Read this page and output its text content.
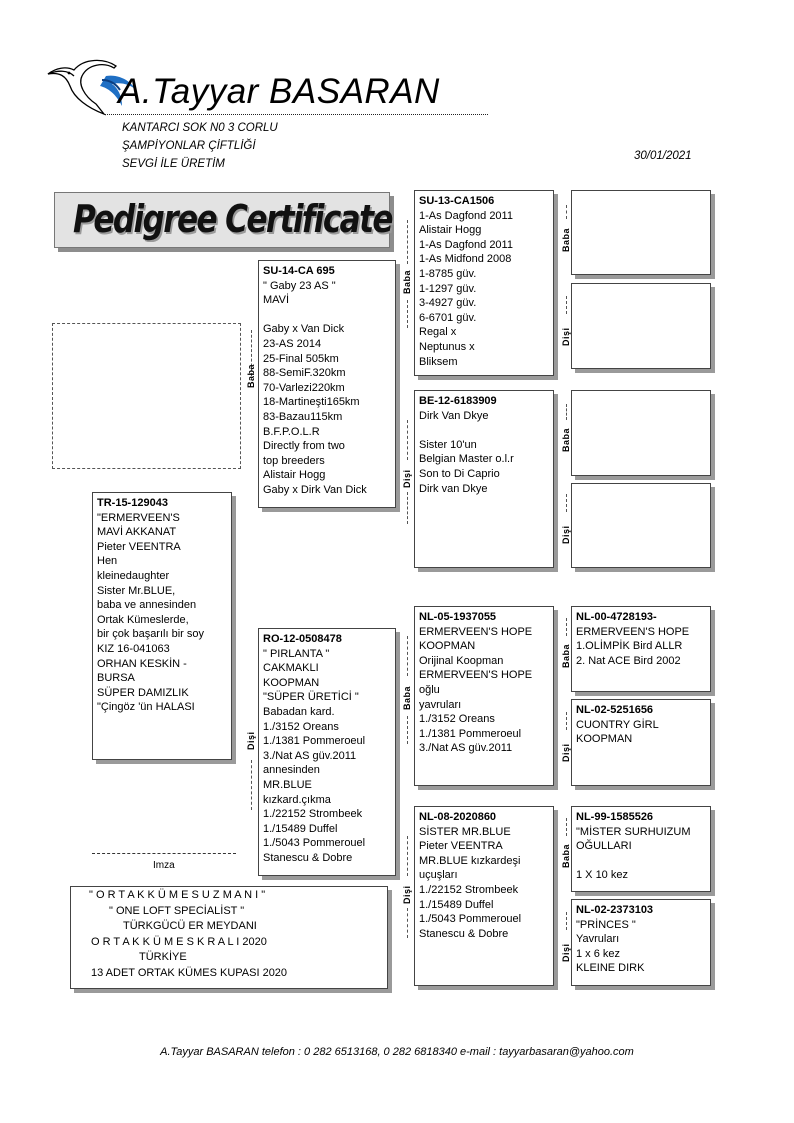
A.Tayyar BASARAN
KANTARCI SOK N0 3 CORLU
ŞAMPİYONLAR ÇİFTLİĞİ
SEVGİ İLE ÜRETİM
30/01/2021
Pedigree Certificate
TR-15-129043
"ERMERVEEN'S
MAVİ AKKANAT
Pieter VEENTRA
Hen
kleinedaughter
Sister Mr.BLUE,
baba ve annesinden
Ortak Kümeslerde,
bir çok başarılı bir soy
KIZ 16-041063
ORHAN KESKİN -
BURSA
SÜPER DAMIZLIK
"Çingöz 'ün HALASI
SU-14-CA 695
" Gaby 23 AS "
MAVİ

Gaby x Van Dick
23-AS 2014
25-Final 505km
88-SemiF.320km
70-Varlezi220km
18-Martineşti165km
83-Bazau115km
B.F.P.O.L.R
Directly from two
top breeders
Alistair Hogg
Gaby x Dirk Van Dick
RO-12-0508478
" PIRLANTA "
CAKMAKLI
KOOPMAN
"SÜPER ÜRETİCİ "
Babadan kard.
1./3152 Oreans
1./1381 Pommeroeul
3./Nat AS güv.2011
annesinden
MR.BLUE
kızkard.çıkma
1./22152 Strombeek
1./15489 Duffel
1./5043 Pommerouel
Stanescu & Dobre
SU-13-CA1506
1-As Dagfond 2011
Alistair Hogg
1-As Dagfond 2011
1-As Midfond 2008
1-8785 güv.
1-1297 güv.
3-4927 güv.
6-6701 güv.
Regal x
Neptunus x
Bliksem
BE-12-6183909
Dirk Van Dkye

Sister 10'un
Belgian Master o.l.r
Son to Di Caprio
Dirk van Dkye
NL-05-1937055
ERMERVEEN'S HOPE
KOOPMAN
Orijinal Koopman
ERMERVEEN'S HOPE
oğlu
yavruları
1./3152 Oreans
1./1381 Pommeroeul
3./Nat AS güv.2011
NL-08-2020860
SİSTER MR.BLUE
Pieter VEENTRA
MR.BLUE kızkardeşi
uçuşları
1./22152 Strombeek
1./15489 Duffel
1./5043 Pommerouel
Stanescu & Dobre

NL-00-4728193-
ERMERVEEN'S HOPE
1.OLİMPİK Bird ALLR
2. Nat ACE Bird 2002
NL-02-5251656
CUONTRY GİRL
KOOPMAN
NL-99-1585526
"MİSTER SURHUIZUM
OĞULLARI

1 X 10 kez
NL-02-2373103
"PRİNCES "
Yavruları
1 x 6 kez
KLEINE DIRK
Baba
Dişi
Baba
Dişi
Baba
Dişi
Baba
Dişi
Baba
Dişi
Baba
Dişi
Baba
Dişi
Imza
" O R T A K K Ü M E S U Z M A N I "
" ONE LOFT SPECİALİST "
TÜRKGÜCÜ ER MEYDANI
O R T A K K Ü M E S K R A L I 2020
TÜRKİYE
13 ADET ORTAK KÜMES KUPASI 2020
A.Tayyar BASARAN telefon : 0 282 6513168, 0 282 6818340 e-mail : tayyarbasaran@yahoo.com
